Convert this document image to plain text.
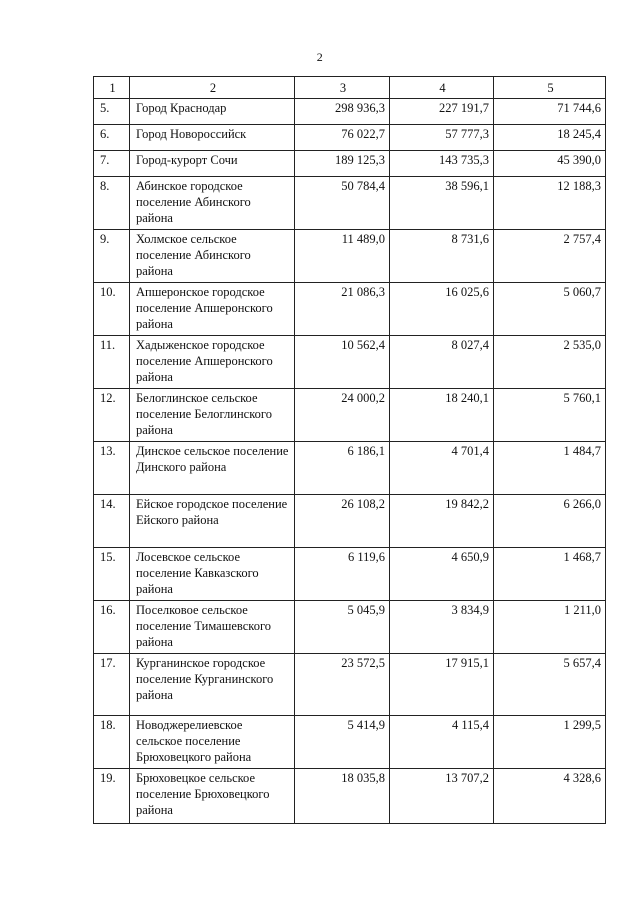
2
1	2	3	4	5
5.	Город Краснодар	298 936,3	227 191,7	71 744,6
6.	Город Новороссийск	76 022,7	57 777,3	18 245,4
7.	Город-курорт Сочи	189 125,3	143 735,3	45 390,0
8.	Абинское городское поселение Абинского района	50 784,4	38 596,1	12 188,3
9.	Холмское сельское поселение Абинского района	11 489,0	8 731,6	2 757,4
10.	Апшеронское городское поселение Апшеронского района	21 086,3	16 025,6	5 060,7
11.	Хадыженское городское поселение Апшеронского района	10 562,4	8 027,4	2 535,0
12.	Белоглинское сельское поселение Белоглинского района	24 000,2	18 240,1	5 760,1
13.	Динское сельское поселение Динского района	6 186,1	4 701,4	1 484,7
14.	Ейское городское поселение Ейского района	26 108,2	19 842,2	6 266,0
15.	Лосевское сельское поселение Кавказского района	6 119,6	4 650,9	1 468,7
16.	Поселковое сельское поселение Тимашевского района	5 045,9	3 834,9	1 211,0
17.	Курганинское городское поселение Курганинского района	23 572,5	17 915,1	5 657,4
18.	Новоджерелиевское сельское поселение Брюховецкого района	5 414,9	4 115,4	1 299,5
19.	Брюховецкое сельское поселение Брюховецкого района	18 035,8	13 707,2	4 328,6
